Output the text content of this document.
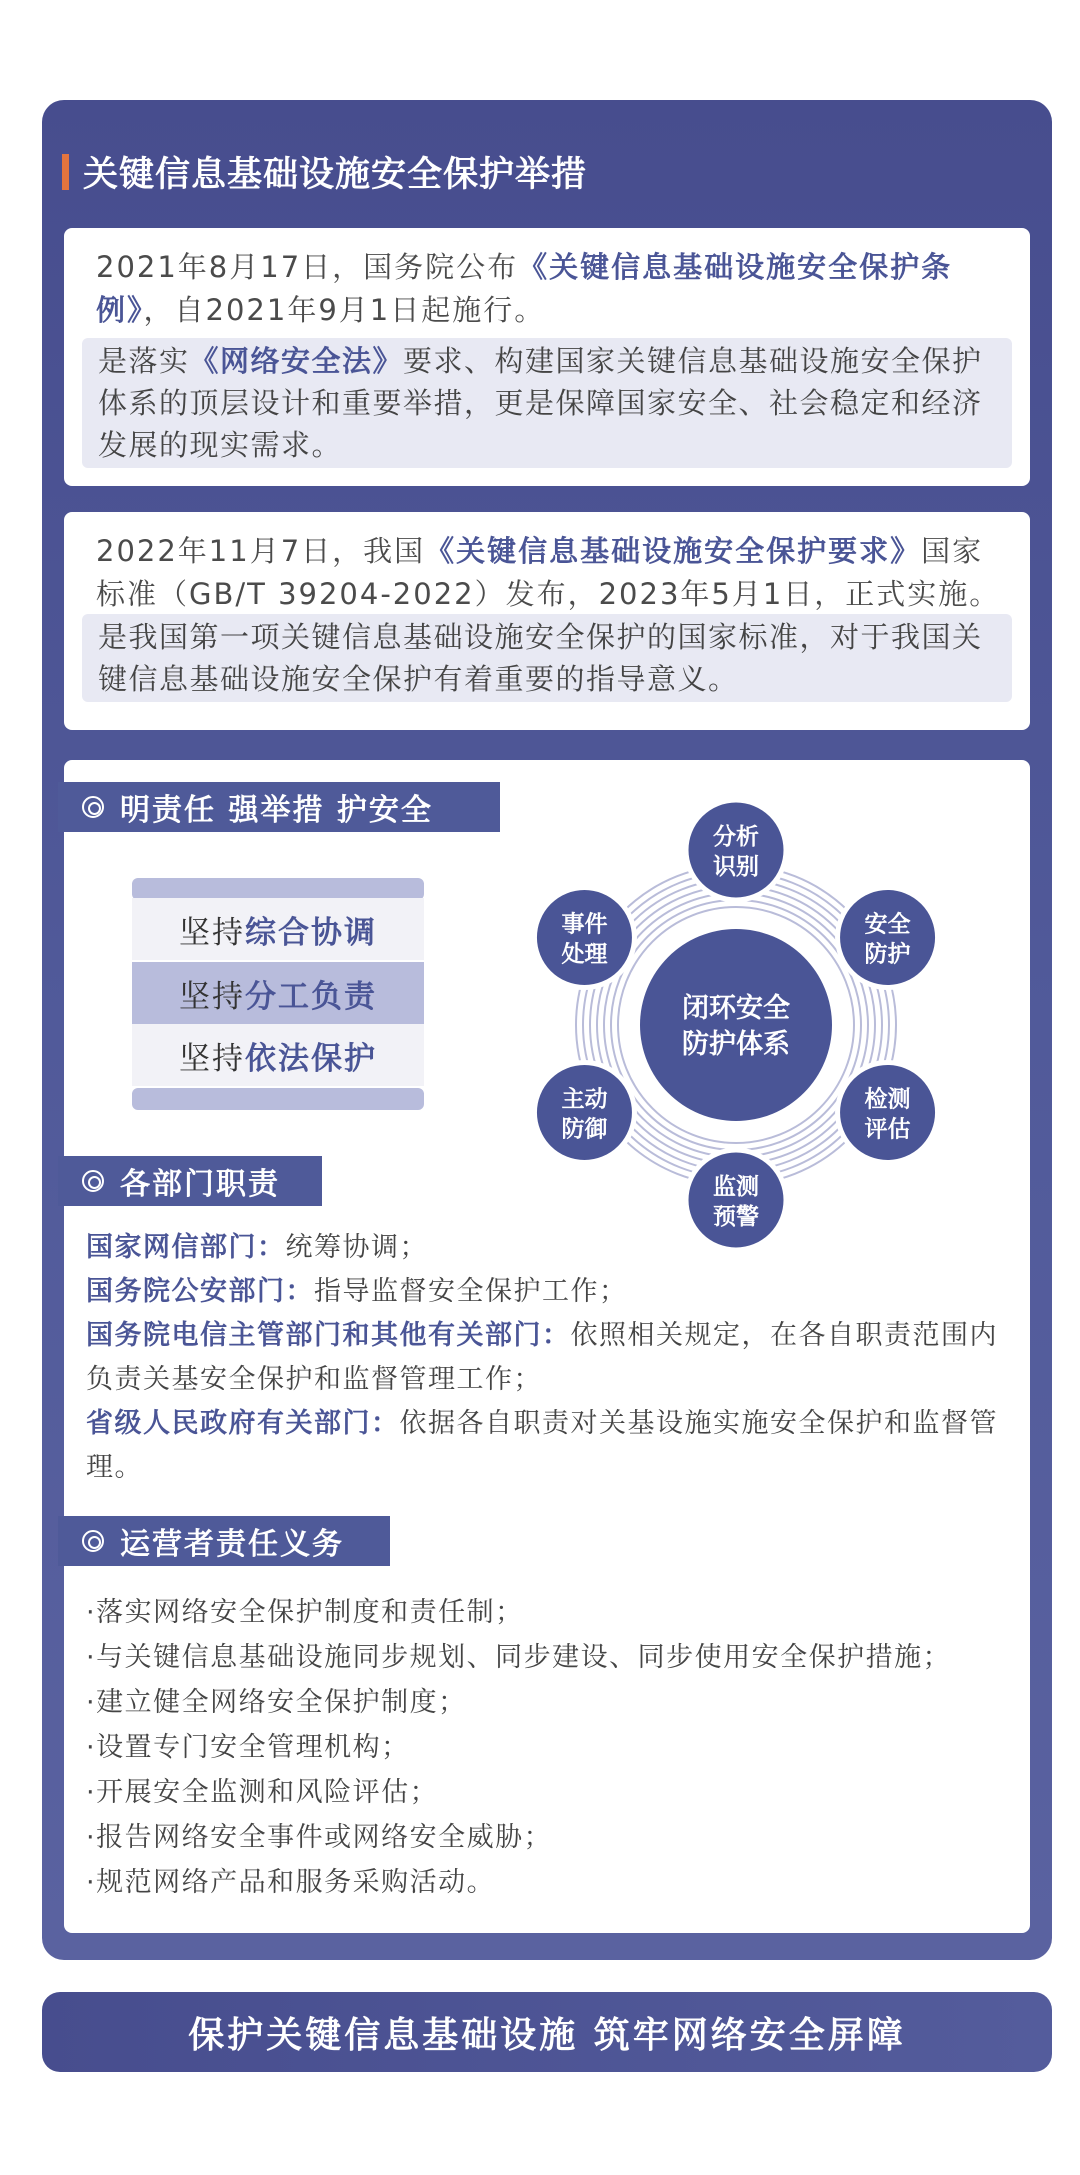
关键信息基础设施安全保护举措
2021年8月17日，国务院公布《关键信息基础设施安全保护条例》，自2021年9月1日起施行。
是落实《网络安全法》要求、构建国家关键信息基础设施安全保护体系的顶层设计和重要举措，更是保障国家安全、社会稳定和经济发展的现实需求。
2022年11月7日，我国《关键信息基础设施安全保护要求》国家标准（GB/T 39204-2022）发布，2023年5月1日，正式实施。
是我国第一项关键信息基础设施安全保护的国家标准，对于我国关键信息基础设施安全保护有着重要的指导意义。
明责任 强举措 护安全
坚持 综合协调
坚持 分工负责
坚持 依法保护
闭环安全
防护体系
分析
识别
安全
防护
检测
评估
监测
预警
主动
防御
事件
处理
各部门职责

国家网信部门：统筹协调；

国务院公安部门：指导监督安全保护工作；

国务院电信主管部门和其他有关部门：依照相关规定，在各自职责范围内负责关基安全保护和监督管理工作；

省级人民政府有关部门：依据各自职责对关基设施实施安全保护和监督管理。

运营者责任义务
·落实网络安全保护制度和责任制；
·与关键信息基础设施同步规划、同步建设、同步使用安全保护措施；
·建立健全网络安全保护制度；
·设置专门安全管理机构；
·开展安全监测和风险评估；
·报告网络安全事件或网络安全威胁；
·规范网络产品和服务采购活动。
保护关键信息基础设施 筑牢网络安全屏障
